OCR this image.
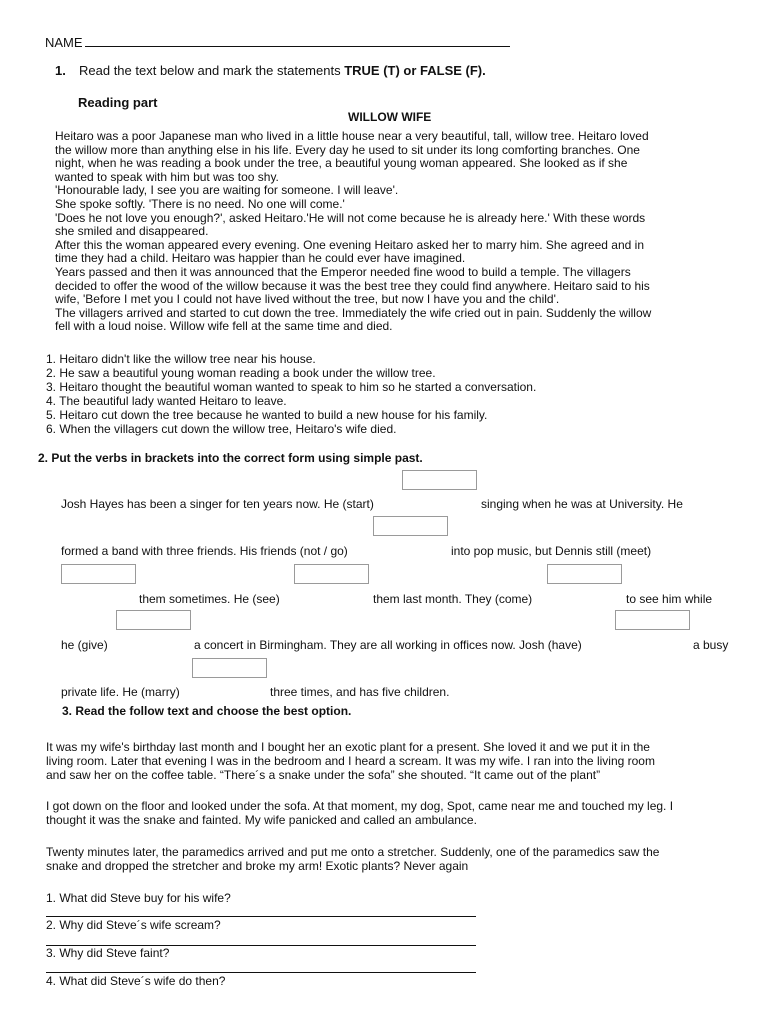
NAME
1. Read the text below and mark the statements TRUE (T) or FALSE (F).
Reading part
WILLOW WIFE

Heitaro was a poor Japanese man who lived in a little house near a very beautiful, tall, willow tree. Heitaro loved

the willow more than anything else in his life. Every day he used to sit under its long comforting branches. One

night, when he was reading a book under the tree, a beautiful young woman appeared. She looked as if she

wanted to speak with him but was too shy.

'Honourable lady, I see you are waiting for someone. I will leave'.

She spoke softly. 'There is no need. No one will come.'

'Does he not love you enough?', asked Heitaro.'He will not come because he is already here.' With these words

she smiled and disappeared.

After this the woman appeared every evening. One evening Heitaro asked her to marry him. She agreed and in

time they had a child. Heitaro was happier than he could ever have imagined.

Years passed and then it was announced that the Emperor needed fine wood to build a temple. The villagers

decided to offer the wood of the willow because it was the best tree they could find anywhere. Heitaro said to his

wife, 'Before I met you I could not have lived without the tree, but now I have you and the child'.

The villagers arrived and started to cut down the tree. Immediately the wife cried out in pain. Suddenly the willow

fell with a loud noise. Willow wife fell at the same time and died.

1. Heitaro didn't like the willow tree near his house.

2. He saw a beautiful young woman reading a book under the willow tree.

3. Heitaro thought the beautiful woman wanted to speak to him so he started a conversation.

4. The beautiful lady wanted Heitaro to leave.

5. Heitaro cut down the tree because he wanted to build a new house for his family.

6. When the villagers cut down the willow tree, Heitaro's wife died.

2. Put the verbs in brackets into the correct form using simple past.
Josh Hayes has been a singer for ten years now. He (start)	singing when he was at University. He
formed a band with three friends. His friends (not / go)	into pop music, but Dennis still (meet)
them sometimes. He (see)	them last month. They (come)	to see him while
he (give)	a concert in Birmingham. They are all working in offices now. Josh (have)	a busy
private life. He (marry)	three times, and has five children.
3. Read the follow text and choose the best option.

It was my wife's birthday last month and I bought her an exotic plant for a present. She loved it and we put it in the

living room. Later that evening I was in the bedroom and I heard a scream. It was my wife. I ran into the living room

and saw her on the coffee table. “There´s a snake under the sofa” she shouted. “It came out of the plant”

I got down on the floor and looked under the sofa. At that moment, my dog, Spot, came near me and touched my leg. I

thought it was the snake and fainted. My wife panicked and called an ambulance.

Twenty minutes later, the paramedics arrived and put me onto a stretcher. Suddenly, one of the paramedics saw the

snake and dropped the stretcher and broke my arm! Exotic plants? Never again

1. What did Steve buy for his wife?
2. Why did Steve´s wife scream?
3. Why did Steve faint?
4. What did Steve´s wife do then?
